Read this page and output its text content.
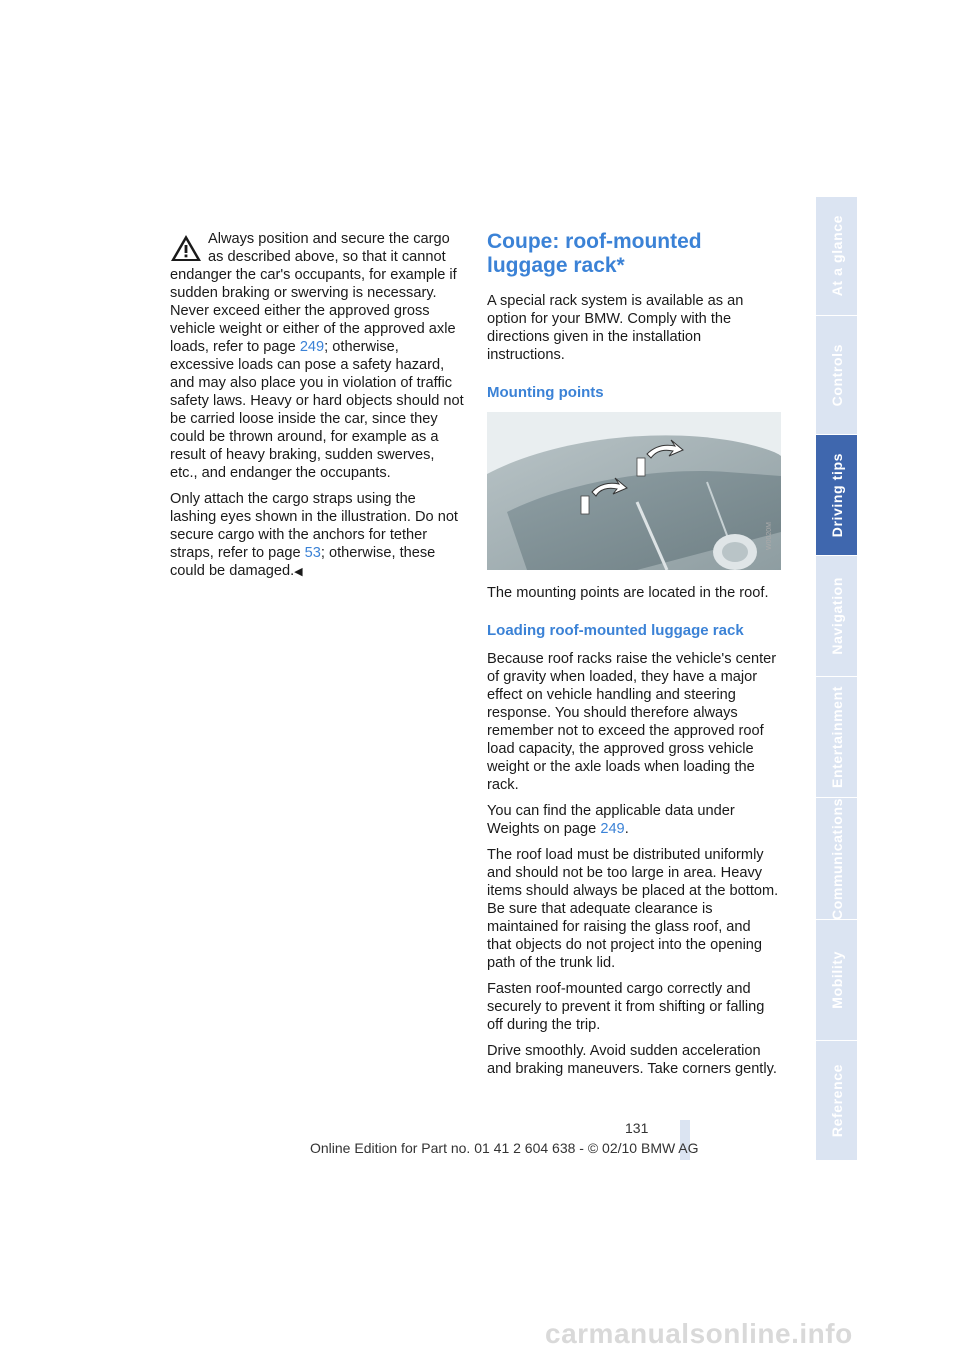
Always position and secure the cargo as described above, so that it cannot endanger the car's occupants, for example if sudden braking or swerving is necessary. Never exceed either the approved gross vehicle weight or either of the approved axle loads, refer to page 249; otherwise, excessive loads can pose a safety hazard, and may also place you in violation of traffic safety laws. Heavy or hard objects should not be carried loose inside the car, since they could be thrown around, for example as a result of heavy braking, sudden swerves, etc., and endanger the occupants.

Only attach the cargo straps using the lashing eyes shown in the illustration. Do not secure cargo with the anchors for tether straps, refer to page 53; otherwise, these could be damaged.◀

Coupe: roof-mounted luggage rack*

A special rack system is available as an option for your BMW. Comply with the directions given in the installation instructions.

Mounting points
W0020M

The mounting points are located in the roof.

Loading roof-mounted luggage rack

Because roof racks raise the vehicle's center of gravity when loaded, they have a major effect on vehicle handling and steering response. You should therefore always remember not to exceed the approved roof load capacity, the approved gross vehicle weight or the axle loads when loading the rack.

You can find the applicable data under Weights on page 249.

The roof load must be distributed uniformly and should not be too large in area. Heavy items should always be placed at the bottom. Be sure that adequate clearance is maintained for raising the glass roof, and that objects do not project into the opening path of the trunk lid.

Fasten roof-mounted cargo correctly and securely to prevent it from shifting or falling off during the trip.

Drive smoothly. Avoid sudden acceleration and braking maneuvers. Take corners gently.

At a glance
Controls
Driving tips
Navigation
Entertainment
Communications
Mobility
Reference
131
Online Edition for Part no. 01 41 2 604 638 - © 02/10 BMW AG
carmanualsonline.info
